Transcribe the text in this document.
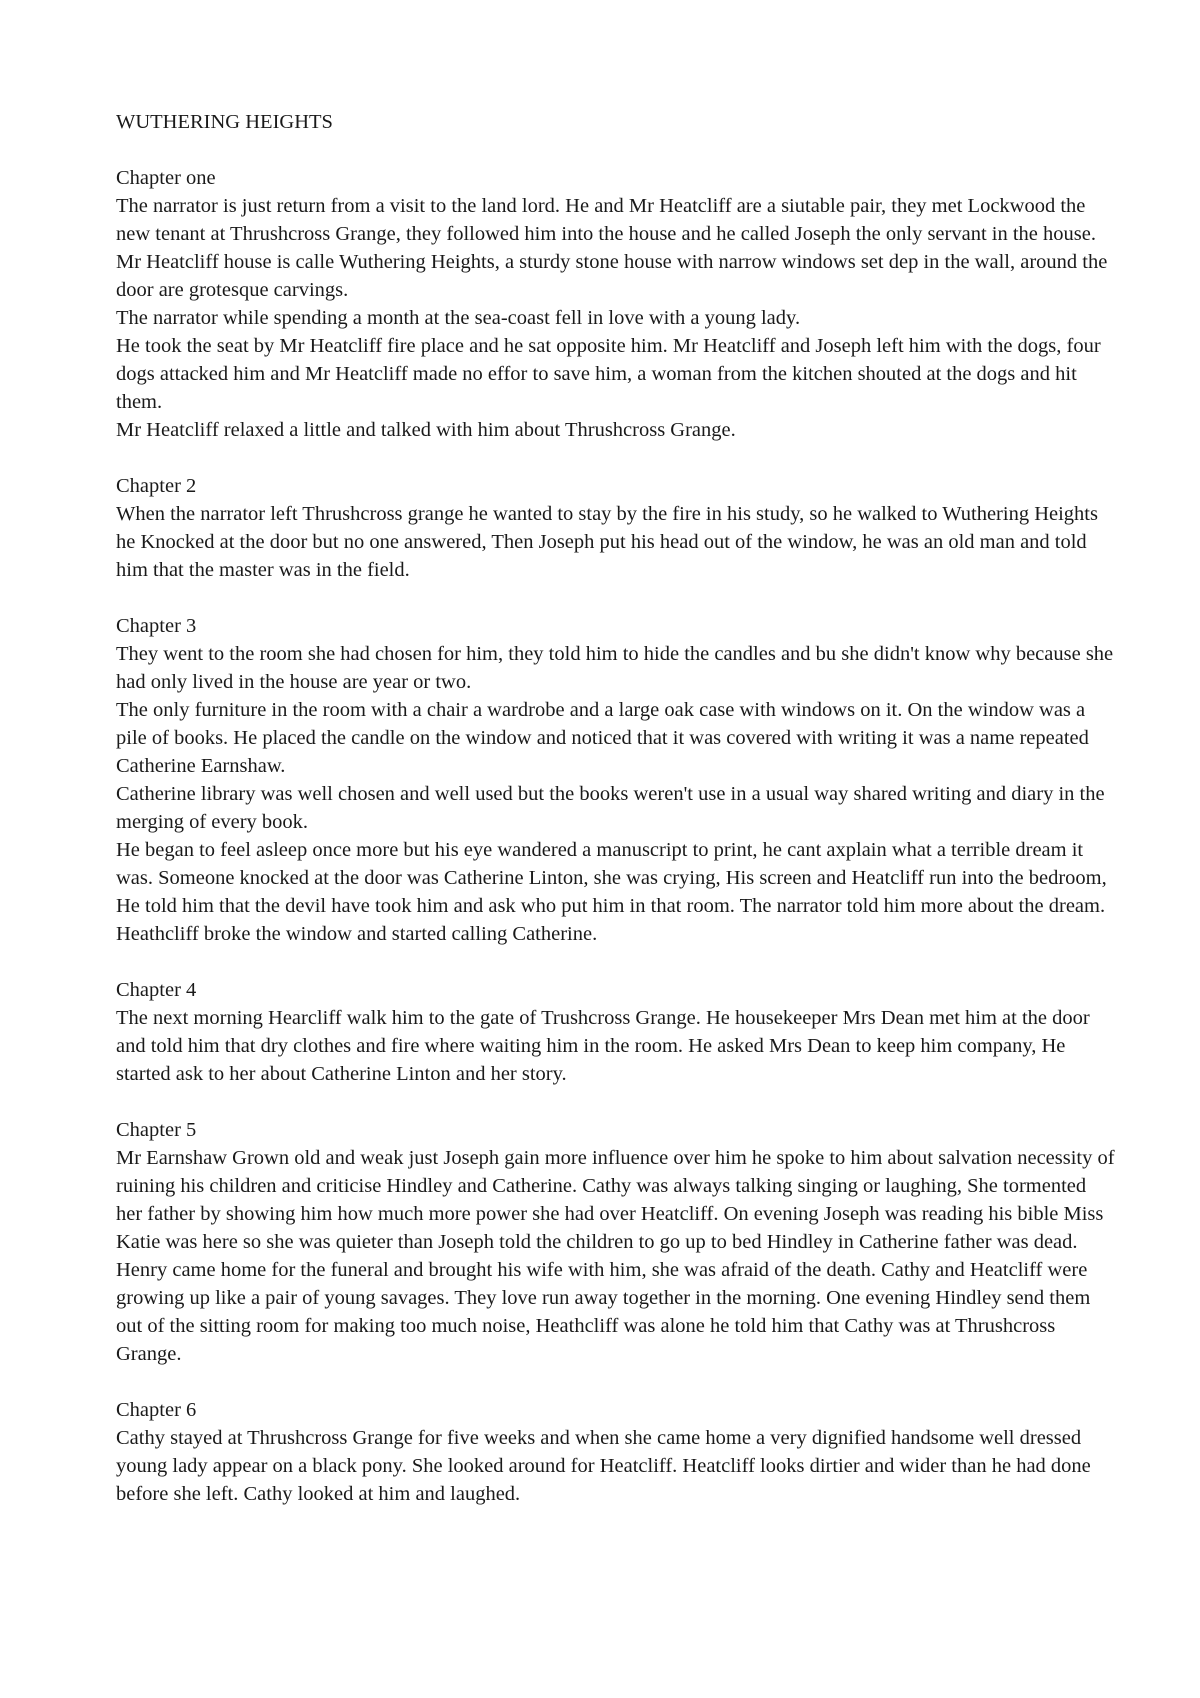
WUTHERING HEIGHTS
Chapter one

The narrator is just return from a visit to the land lord. He and Mr Heatcliff are a siutable pair, they met Lockwood the new tenant at Thrushcross Grange, they followed him into the house and he called Joseph the only servant in the house. Mr Heatcliff house is calle Wuthering Heights, a sturdy stone house with narrow windows set dep in the wall, around the door are grotesque carvings.

The narrator while spending a month at the sea-coast fell in love with a young lady.

He took the seat by Mr Heatcliff fire place and he sat opposite him. Mr Heatcliff and Joseph left him with the dogs, four dogs attacked him and Mr Heatcliff made no effor to save him, a woman from the kitchen shouted at the dogs and hit them.

Mr Heatcliff relaxed a little and talked with him about Thrushcross Grange.

Chapter 2

When the narrator left Thrushcross grange he wanted to stay by the fire in his study, so he walked to Wuthering Heights he Knocked at the door but no one answered, Then Joseph put his head out of the window, he was an old man and told him that the master was in the field.

Chapter 3

They went to the room she had chosen for him, they told him to hide the candles and bu she didn't know why because she had only lived in the house are year or two.

The only furniture in the room with a chair a wardrobe and a large oak case with windows on it. On the window was a pile of books. He placed the candle on the window and noticed that it was covered with writing it was a name repeated Catherine Earnshaw.

Catherine library was well chosen and well used but the books weren't use in a usual way shared writing and diary in the merging of every book.

He began to feel asleep once more but his eye wandered a manuscript to print, he cant axplain what a terrible dream it was. Someone knocked at the door was Catherine Linton, she was crying, His screen and Heatcliff run into the bedroom, He told him that the devil have took him and ask who put him in that room. The narrator told him more about the dream. Heathcliff broke the window and started calling Catherine.

Chapter 4

The next morning Hearcliff walk him to the gate of Trushcross Grange. He housekeeper Mrs Dean met him at the door and told him that dry clothes and fire where waiting him in the room. He asked Mrs Dean to keep him company, He started ask to her about Catherine Linton and her story.

Chapter 5

Mr Earnshaw Grown old and weak just Joseph gain more influence over him he spoke to him about salvation necessity of ruining his children and criticise Hindley and Catherine. Cathy was always talking singing or laughing, She tormented her father by showing him how much more power she had over Heatcliff. On evening Joseph was reading his bible Miss Katie was here so she was quieter than Joseph told the children to go up to bed Hindley in Catherine father was dead. Henry came home for the funeral and brought his wife with him, she was afraid of the death. Cathy and Heatcliff were growing up like a pair of young savages. They love run away together in the morning. One evening Hindley send them out of the sitting room for making too much noise, Heathcliff was alone he told him that Cathy was at Thrushcross Grange.

Chapter 6

Cathy stayed at Thrushcross Grange for five weeks and when she came home a very dignified handsome well dressed young lady appear on a black pony. She looked around for Heatcliff. Heatcliff looks dirtier and wider than he had done before she left. Cathy looked at him and laughed.
